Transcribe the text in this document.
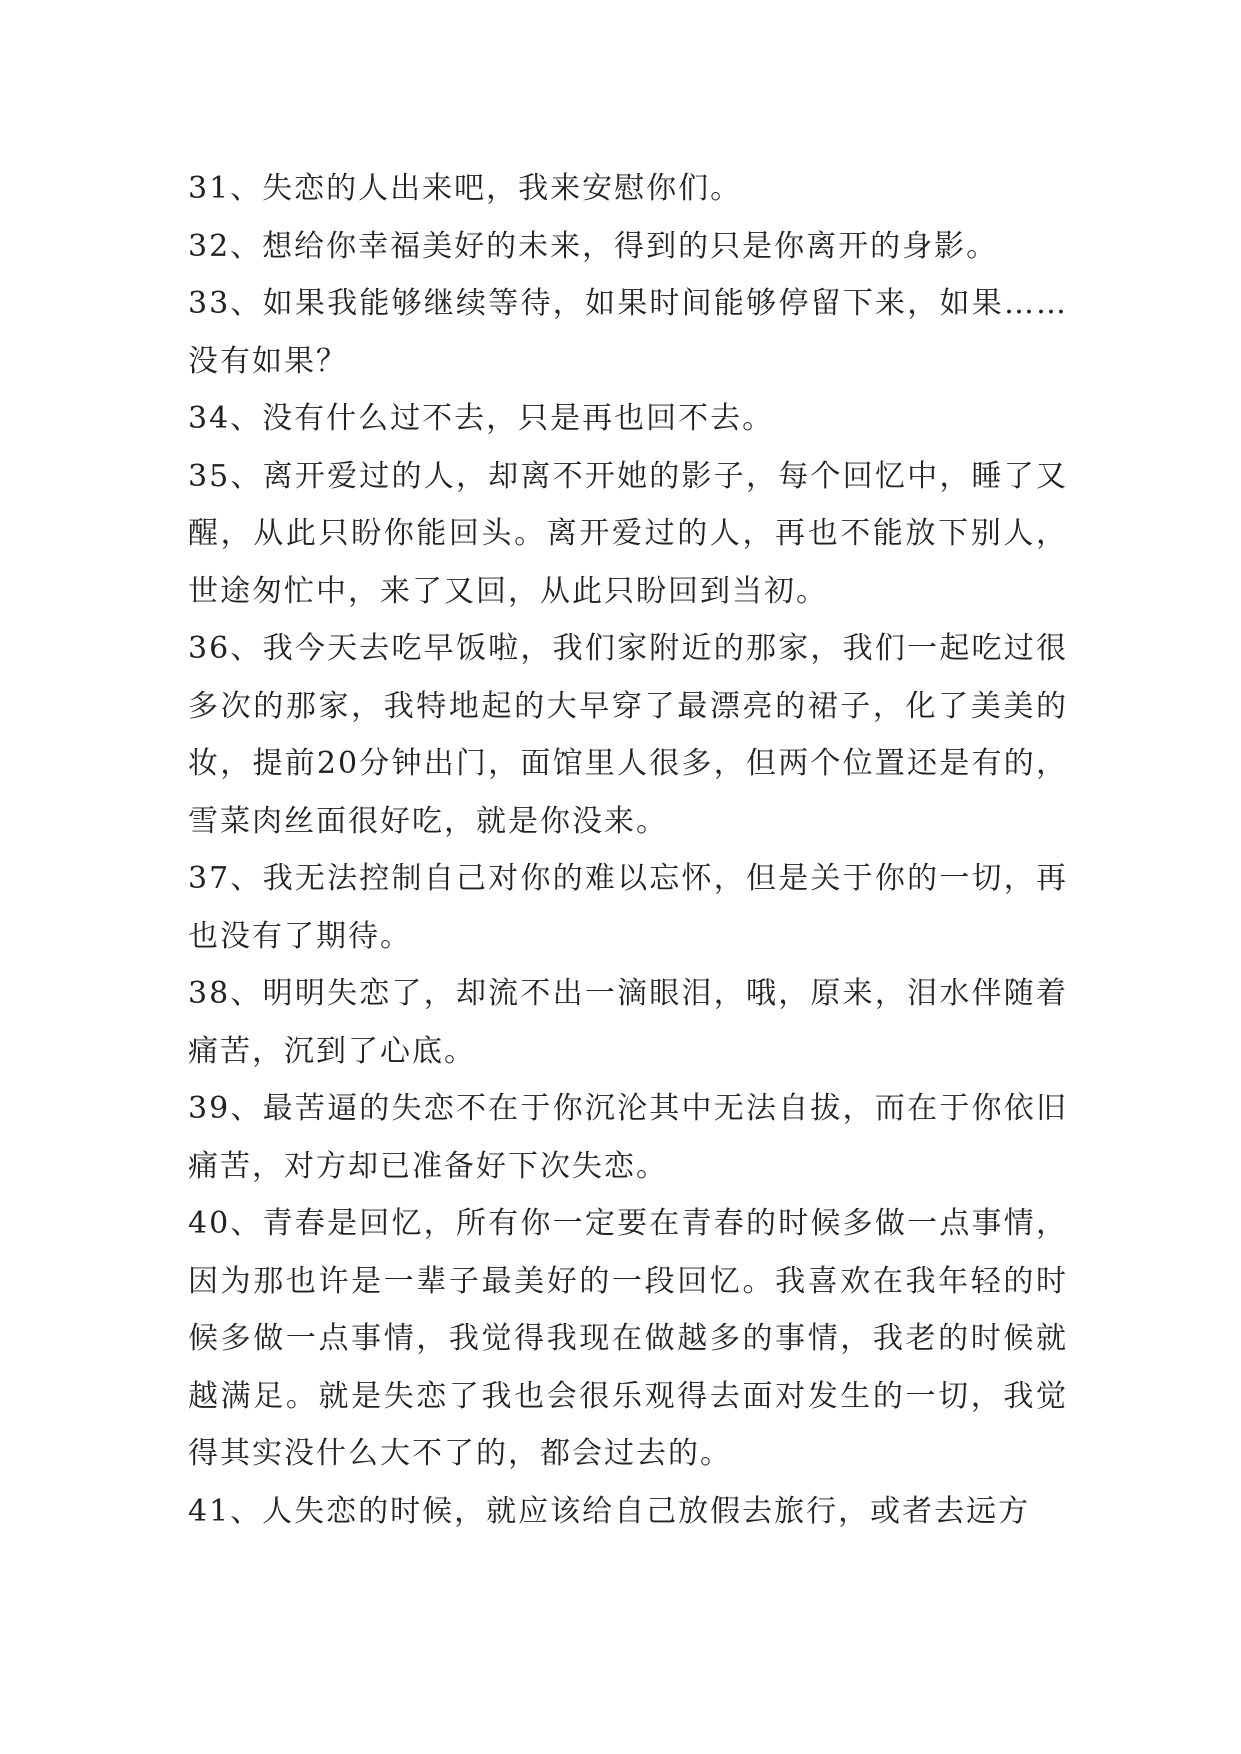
31、失恋的人出来吧，我来安慰你们。

32、想给你幸福美好的未来，得到的只是你离开的身影。

33、如果我能够继续等待，如果时间能够停留下来，如果……没有如果？

34、没有什么过不去，只是再也回不去。

35、离开爱过的人，却离不开她的影子，每个回忆中，睡了又醒，从此只盼你能回头。离开爱过的人，再也不能放下别人，世途匆忙中，来了又回，从此只盼回到当初。

36、我今天去吃早饭啦，我们家附近的那家，我们一起吃过很多次的那家，我特地起的大早穿了最漂亮的裙子，化了美美的妆，提前20分钟出门，面馆里人很多，但两个位置还是有的，雪菜肉丝面很好吃，就是你没来。

37、我无法控制自己对你的难以忘怀，但是关于你的一切，再也没有了期待。

38、明明失恋了，却流不出一滴眼泪，哦，原来，泪水伴随着痛苦，沉到了心底。

39、最苦逼的失恋不在于你沉沦其中无法自拔，而在于你依旧痛苦，对方却已准备好下次失恋。

40、青春是回忆，所有你一定要在青春的时候多做一点事情，因为那也许是一辈子最美好的一段回忆。我喜欢在我年轻的时候多做一点事情，我觉得我现在做越多的事情，我老的时候就越满足。就是失恋了我也会很乐观得去面对发生的一切，我觉得其实没什么大不了的，都会过去的。

41、人失恋的时候，就应该给自己放假去旅行，或者去远方
